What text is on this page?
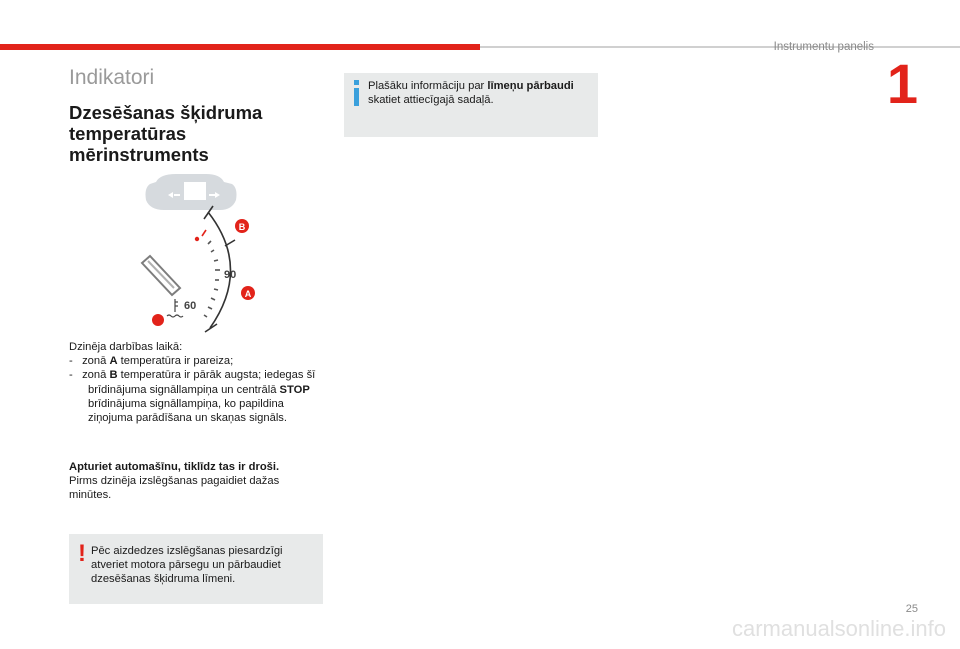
Instrumentu panelis
1
Indikatori
Dzesēšanas šķidruma temperatūras mērinstruments
90
60
B
A
Dzinēja darbības laikā:
- zonā A temperatūra ir pareiza;
- zonā B temperatūra ir pārāk augsta; iedegas šī brīdinājuma signāllampiņa un centrālā STOP brīdinājuma signāllampiņa, ko papildina ziņojuma parādīšana un skaņas signāls.
Apturiet automašīnu, tiklīdz tas ir droši.
Pirms dzinēja izslēgšanas pagaidiet dažas minūtes.
! Pēc aizdedzes izslēgšanas piesardzīgi atveriet motora pārsegu un pārbaudiet dzesēšanas šķidruma līmeni.
Plašāku informāciju par līmeņu pārbaudi skatiet attiecīgajā sadaļā.
25
carmanualsonline.info
